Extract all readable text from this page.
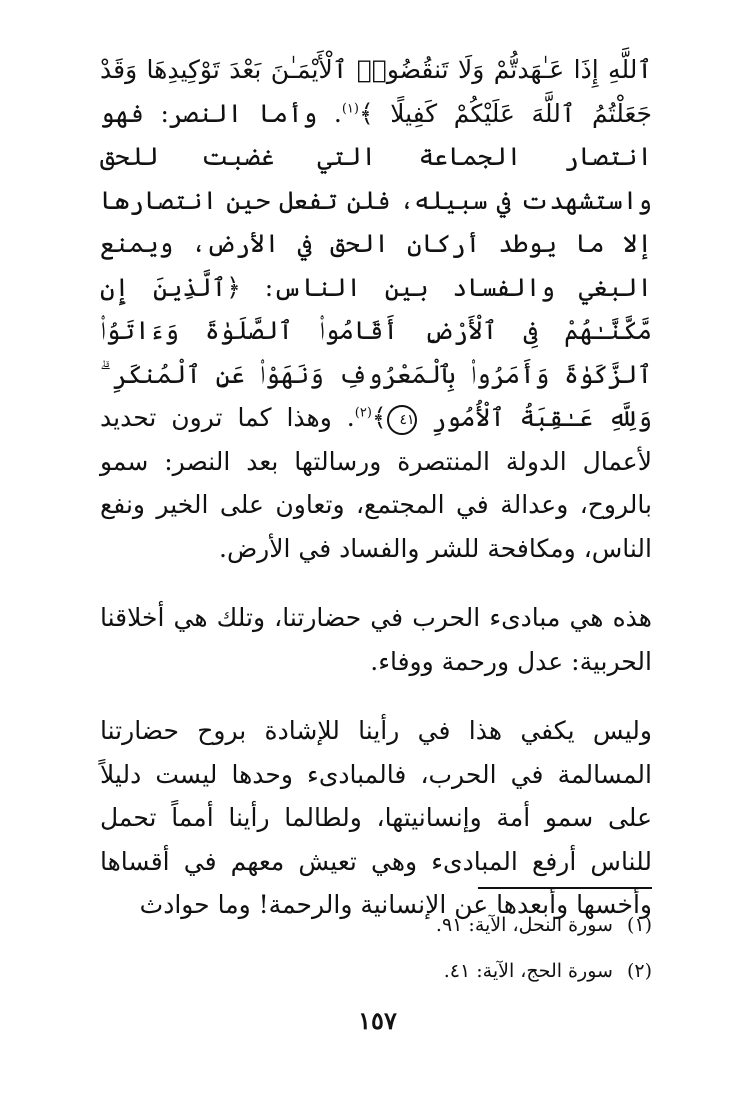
ٱللَّهِ إِذَا عَـٰهَدتُّمْ وَلَا تَنقُضُوا۟ ٱلْأَيْمَـٰنَ بَعْدَ تَوْكِيدِهَا وَقَدْ جَعَلْتُمُ ٱللَّهَ عَلَيْكُمْ كَفِيلًا ﴾$^{(١)}$. وأما النصر: فهو انتصار الجماعة التي غضبت للحق واستشهدت في سبيله، فلن تفعل حين انتصارها إلا ما يوطد أركان الحق في الأرض، ويمنع البغي والفساد بين الناس: ﴿ٱلَّذِينَ إِن مَّكَّنَّـٰهُمْ فِى ٱلْأَرْضِ أَقَامُوا۟ ٱلصَّلَوٰةَ وَءَاتَوُا۟ ٱلزَّكَوٰةَ وَأَمَرُوا۟ بِٱلْمَعْرُوفِ وَنَهَوْا۟ عَنِ ٱلْمُنكَرِ ۗ وَلِلَّهِ عَـٰقِبَةُ ٱلْأُمُورِ ٤١﴾$^{(٢)}$. وهذا كما ترون تحديد لأعمال الدولة المنتصرة ورسالتها بعد النصر: سمو بالروح، وعدالة في المجتمع، وتعاون على الخير ونفع الناس، ومكافحة للشر والفساد في الأرض.

هذه هي مبادىء الحرب في حضارتنا، وتلك هي أخلاقنا الحربية: عدل ورحمة ووفاء.

وليس يكفي هذا في رأينا للإشادة بروح حضارتنا المسالمة في الحرب، فالمبادىء وحدها ليست دليلاً على سمو أمة وإنسانيتها، ولطالما رأينا أمماً تحمل للناس أرفع المبادىء وهي تعيش معهم في أقساها وأخسها وأبعدها عن الإنسانية والرحمة! وما حوادث

(١)سورة النحل، الآية: ٩١.

(٢)سورة الحج، الآية: ٤١.

١٥٧
